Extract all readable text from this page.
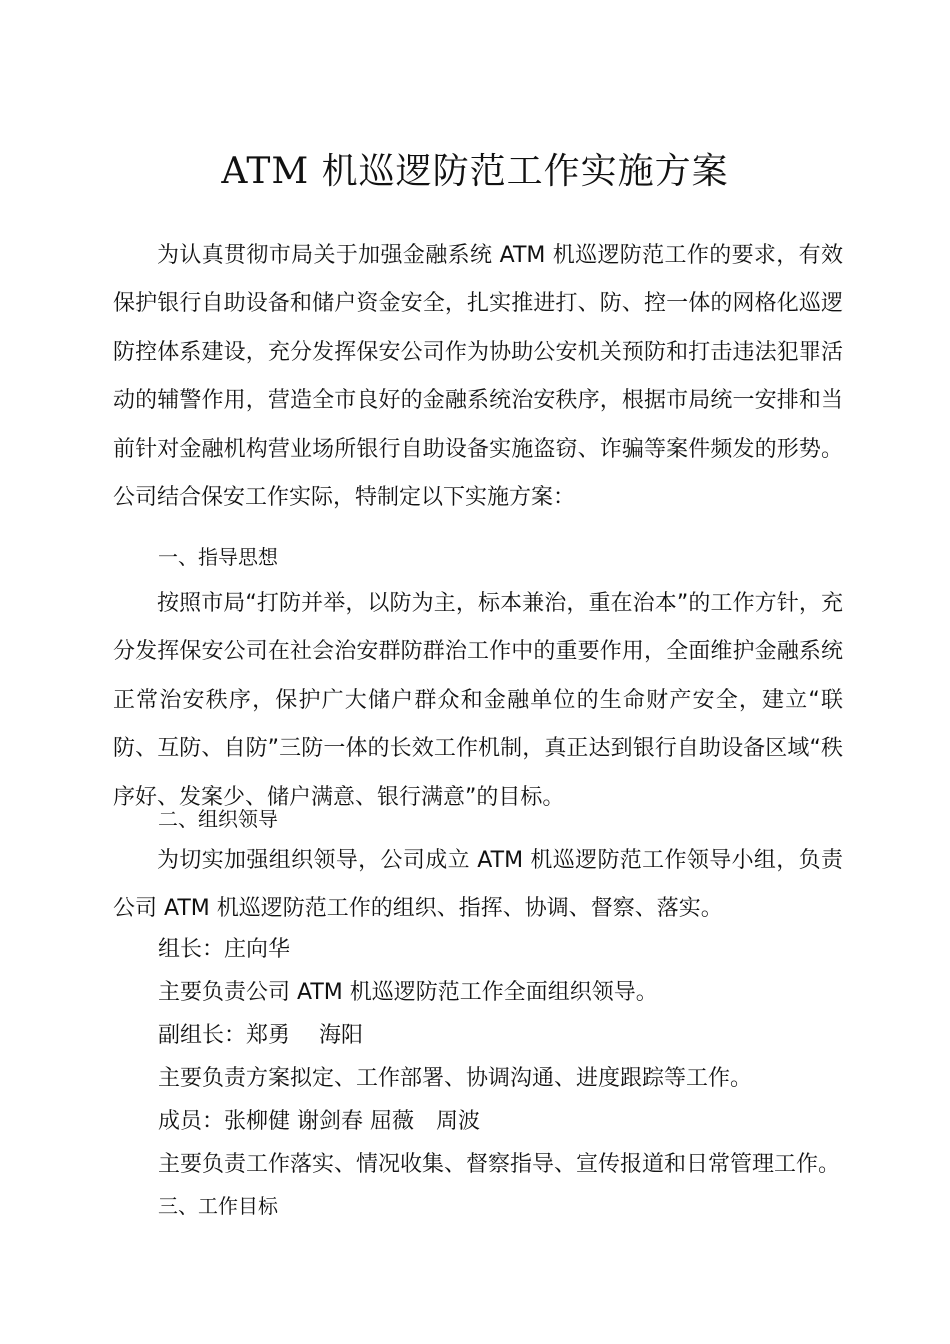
ATM 机巡逻防范工作实施方案

为认真贯彻市局关于加强金融系统 ATM 机巡逻防范工作的要求，有效保护银行自助设备和储户资金安全，扎实推进打、防、控一体的网格化巡逻防控体系建设，充分发挥保安公司作为协助公安机关预防和打击违法犯罪活动的辅警作用，营造全市良好的金融系统治安秩序，根据市局统一安排和当前针对金融机构营业场所银行自助设备实施盗窃、诈骗等案件频发的形势。公司结合保安工作实际，特制定以下实施方案：

一、指导思想

按照市局“打防并举，以防为主，标本兼治，重在治本”的工作方针，充分发挥保安公司在社会治安群防群治工作中的重要作用，全面维护金融系统正常治安秩序，保护广大储户群众和金融单位的生命财产安全，建立“联防、互防、自防”三防一体的长效工作机制，真正达到银行自助设备区域“秩序好、发案少、储户满意、银行满意”的目标。

二、组织领导

为切实加强组织领导，公司成立 ATM 机巡逻防范工作领导小组，负责公司 ATM 机巡逻防范工作的组织、指挥、协调、督察、落实。

组长：庄向华
主要负责公司 ATM 机巡逻防范工作全面组织领导。
副组长：郑勇　 海阳
主要负责方案拟定、工作部署、协调沟通、进度跟踪等工作。
成员：张柳健 谢剑春 屈薇　周波
主要负责工作落实、情况收集、督察指导、宣传报道和日常管理工作。
三、工作目标
